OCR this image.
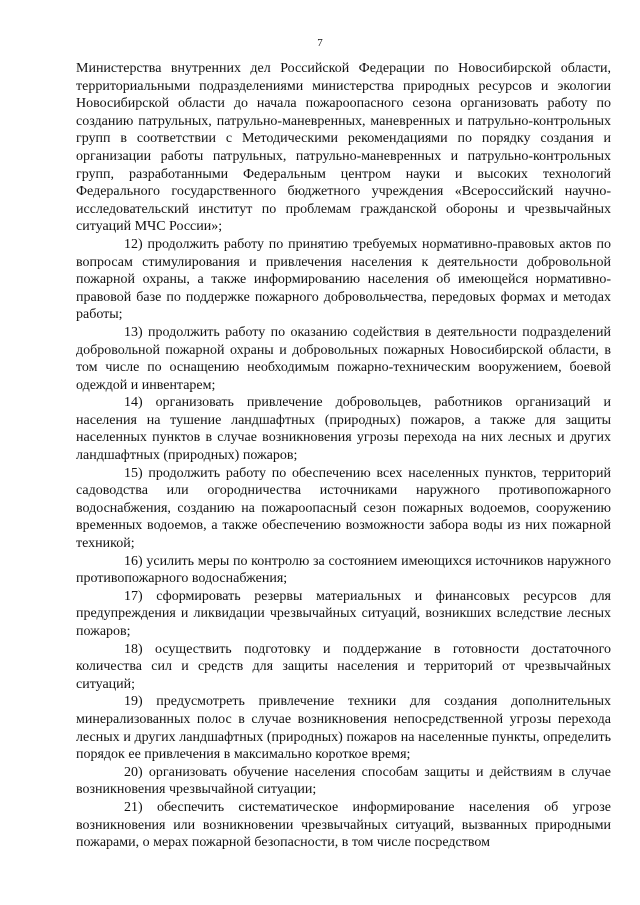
7

Министерства внутренних дел Российской Федерации по Новосибирской области, территориальными подразделениями министерства природных ресурсов и экологии Новосибирской области до начала пожароопасного сезона организовать работу по созданию патрульных, патрульно-маневренных, маневренных и патрульно-контрольных групп в соответствии с Методическими рекомендациями по порядку создания и организации работы патрульных, патрульно-маневренных и патрульно-контрольных групп, разработанными Федеральным центром науки и высоких технологий Федерального государственного бюджетного учреждения «Всероссийский научно-исследовательский институт по проблемам гражданской обороны и чрезвычайных ситуаций МЧС России»;

12) продолжить работу по принятию требуемых нормативно-правовых актов по вопросам стимулирования и привлечения населения к деятельности добровольной пожарной охраны, а также информированию населения об имеющейся нормативно-правовой базе по поддержке пожарного добровольчества, передовых формах и методах работы;

13) продолжить работу по оказанию содействия в деятельности подразделений добровольной пожарной охраны и добровольных пожарных Новосибирской области, в том числе по оснащению необходимым пожарно-техническим вооружением, боевой одеждой и инвентарем;

14) организовать привлечение добровольцев, работников организаций и населения на тушение ландшафтных (природных) пожаров, а также для защиты населенных пунктов в случае возникновения угрозы перехода на них лесных и других ландшафтных (природных) пожаров;

15) продолжить работу по обеспечению всех населенных пунктов, территорий садоводства или огородничества источниками наружного противопожарного водоснабжения, созданию на пожароопасный сезон пожарных водоемов, сооружению временных водоемов, а также обеспечению возможности забора воды из них пожарной техникой;

16) усилить меры по контролю за состоянием имеющихся источников наружного противопожарного водоснабжения;

17) сформировать резервы материальных и финансовых ресурсов для предупреждения и ликвидации чрезвычайных ситуаций, возникших вследствие лесных пожаров;

18) осуществить подготовку и поддержание в готовности достаточного количества сил и средств для защиты населения и территорий от чрезвычайных ситуаций;

19) предусмотреть привлечение техники для создания дополнительных минерализованных полос в случае возникновения непосредственной угрозы перехода лесных и других ландшафтных (природных) пожаров на населенные пункты, определить порядок ее привлечения в максимально короткое время;

20) организовать обучение населения способам защиты и действиям в случае возникновения чрезвычайной ситуации;

21) обеспечить систематическое информирование населения об угрозе возникновения или возникновении чрезвычайных ситуаций, вызванных природными пожарами, о мерах пожарной безопасности, в том числе посредством
